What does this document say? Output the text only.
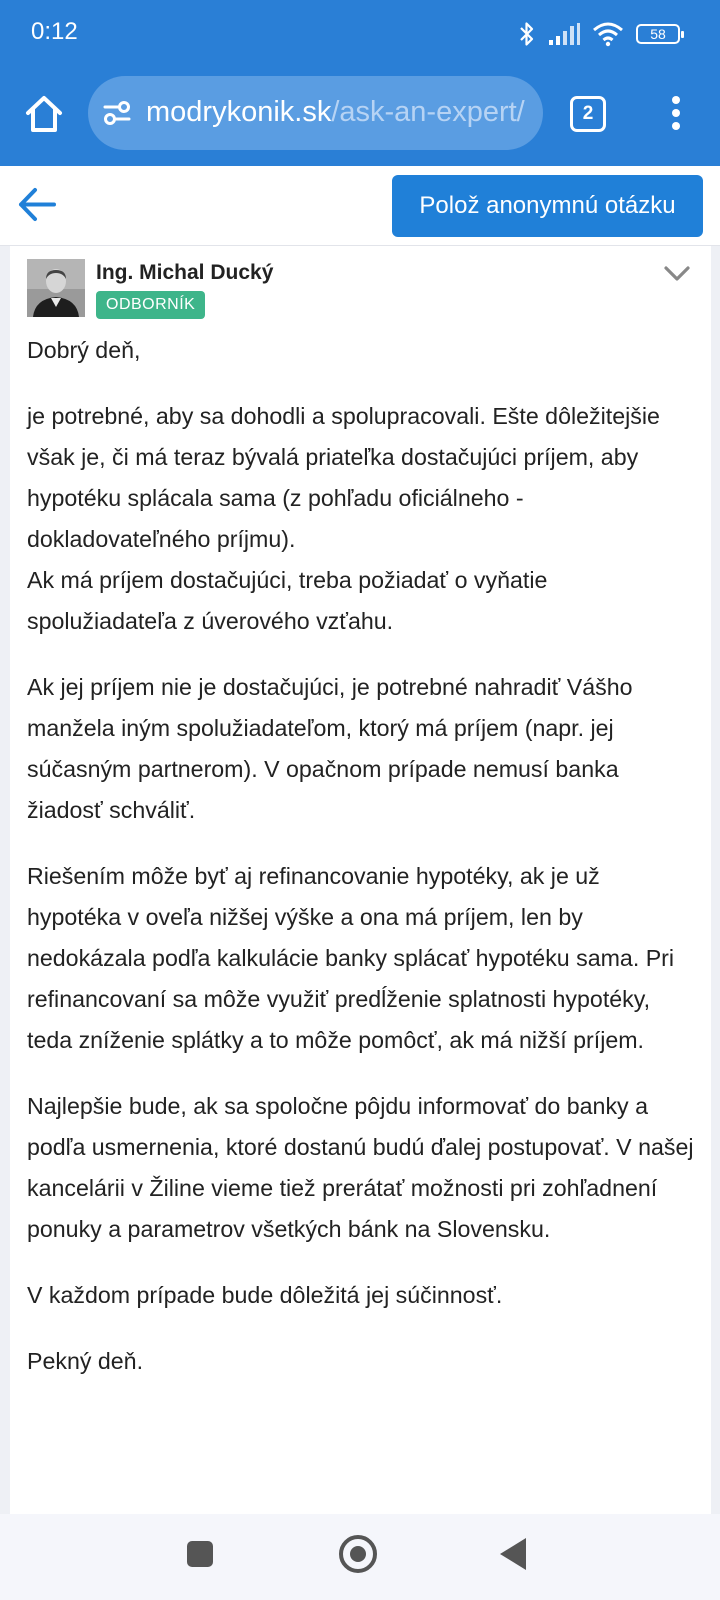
0:12	58
modrykonik.sk/ask-an-expert/	2
Polož anonymnú otázku
Ing. Michal Ducký
ODBORNÍK

Dobrý deň,

je potrebné, aby sa dohodli a spolupracovali. Ešte dôležitejšie však je, či má teraz bývalá priateľka dostačujúci príjem, aby hypotéku splácala sama (z pohľadu oficiálneho - dokladovateľného príjmu).

Ak má príjem dostačujúci, treba požiadať o vyňatie spolužiadateľa z úverového vzťahu.

Ak jej príjem nie je dostačujúci, je potrebné nahradiť Vášho manžela iným spolužiadateľom, ktorý má príjem (napr. jej súčasným partnerom). V opačnom prípade nemusí banka žiadosť schváliť.

Riešením môže byť aj refinancovanie hypotéky, ak je už hypotéka v oveľa nižšej výške a ona má príjem, len by nedokázala podľa kalkulácie banky splácať hypotéku sama. Pri refinancovaní sa môže využiť predĺženie splatnosti hypotéky, teda zníženie splátky a to môže pomôcť, ak má nižší príjem.

Najlepšie bude, ak sa spoločne pôjdu informovať do banky a podľa usmernenia, ktoré dostanú budú ďalej postupovať. V našej kancelárii v Žiline vieme tiež prerátať možnosti pri zohľadnení ponuky a parametrov všetkých bánk na Slovensku.

V každom prípade bude dôležitá jej súčinnosť.

Pekný deň.
